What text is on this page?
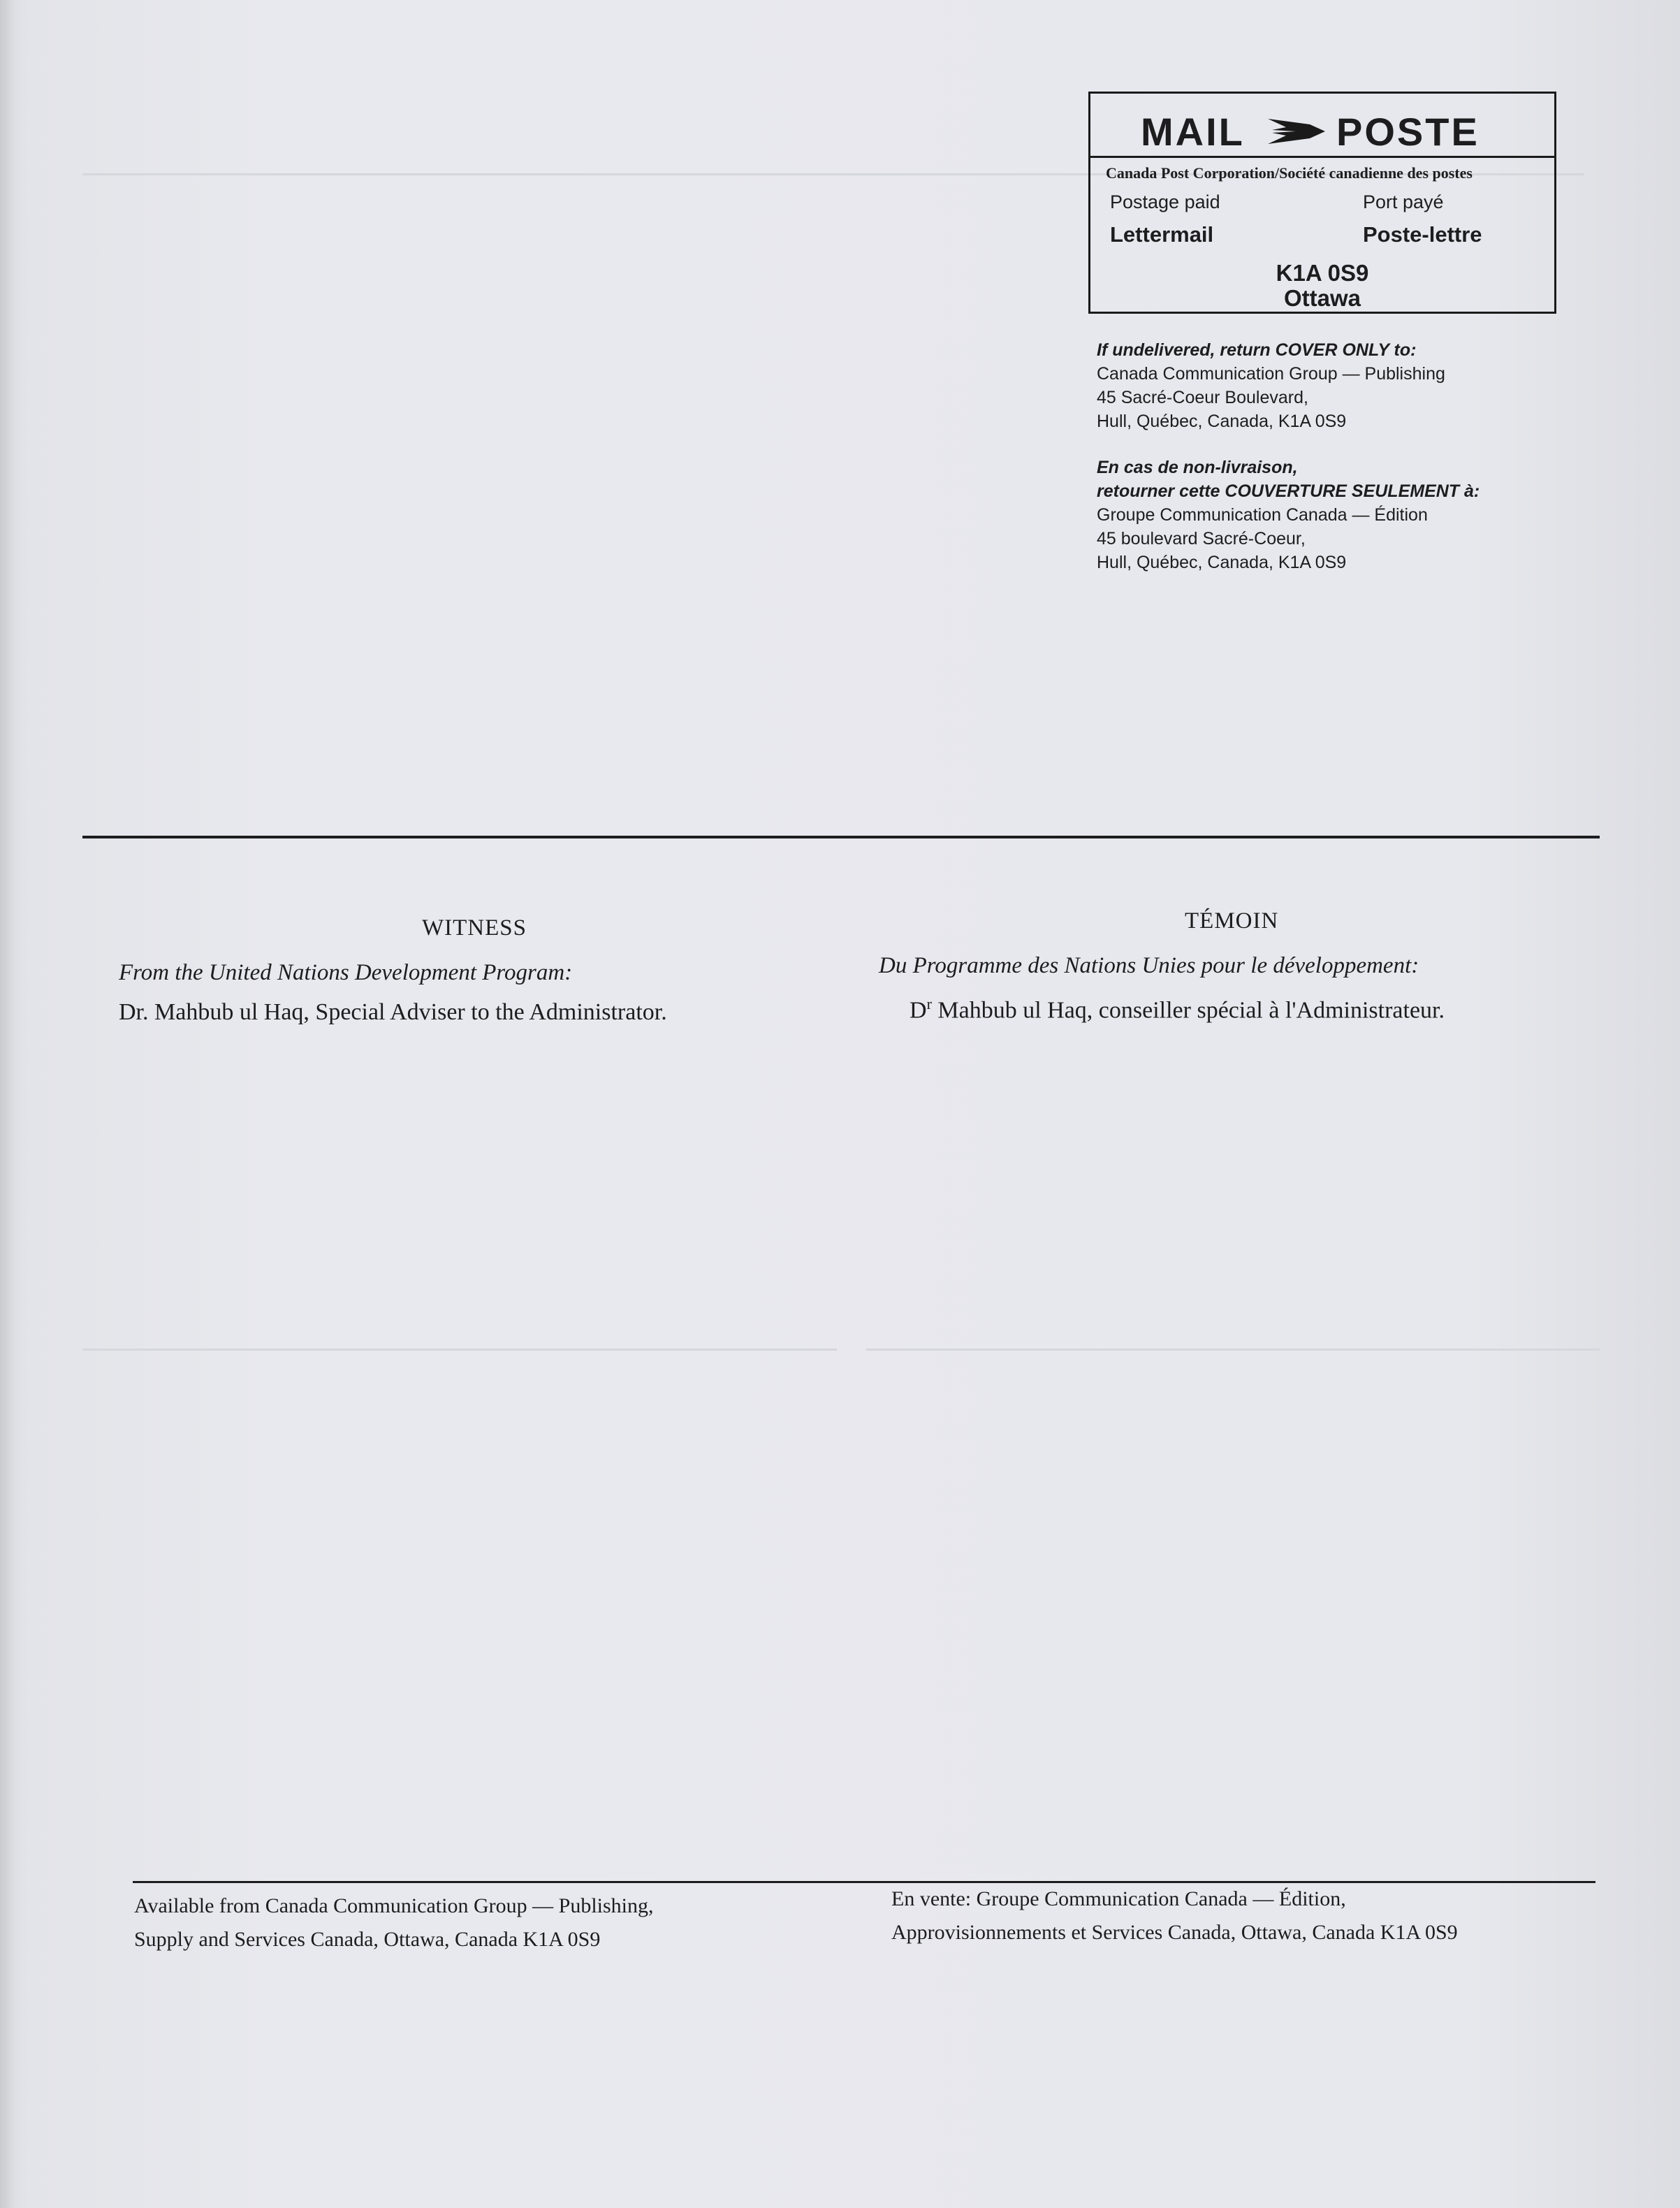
MAIL POSTE
Canada Post Corporation/Société canadienne des postes
Postage paid	Port payé
Lettermail	Poste-lettre
K1A 0S9
Ottawa
If undelivered, return COVER ONLY to:
Canada Communication Group — Publishing
45 Sacré-Coeur Boulevard,
Hull, Québec, Canada, K1A 0S9
En cas de non-livraison,
retourner cette COUVERTURE SEULEMENT à:
Groupe Communication Canada — Édition
45 boulevard Sacré-Coeur,
Hull, Québec, Canada, K1A 0S9
WITNESS
From the United Nations Development Program:
Dr. Mahbub ul Haq, Special Adviser to the Administrator.
TÉMOIN
Du Programme des Nations Unies pour le développement:
$D^r$ Mahbub ul Haq, conseiller spécial à l'Administrateur.
Available from Canada Communication Group — Publishing,
Supply and Services Canada, Ottawa, Canada K1A 0S9
En vente: Groupe Communication Canada — Édition,
Approvisionnements et Services Canada, Ottawa, Canada K1A 0S9
